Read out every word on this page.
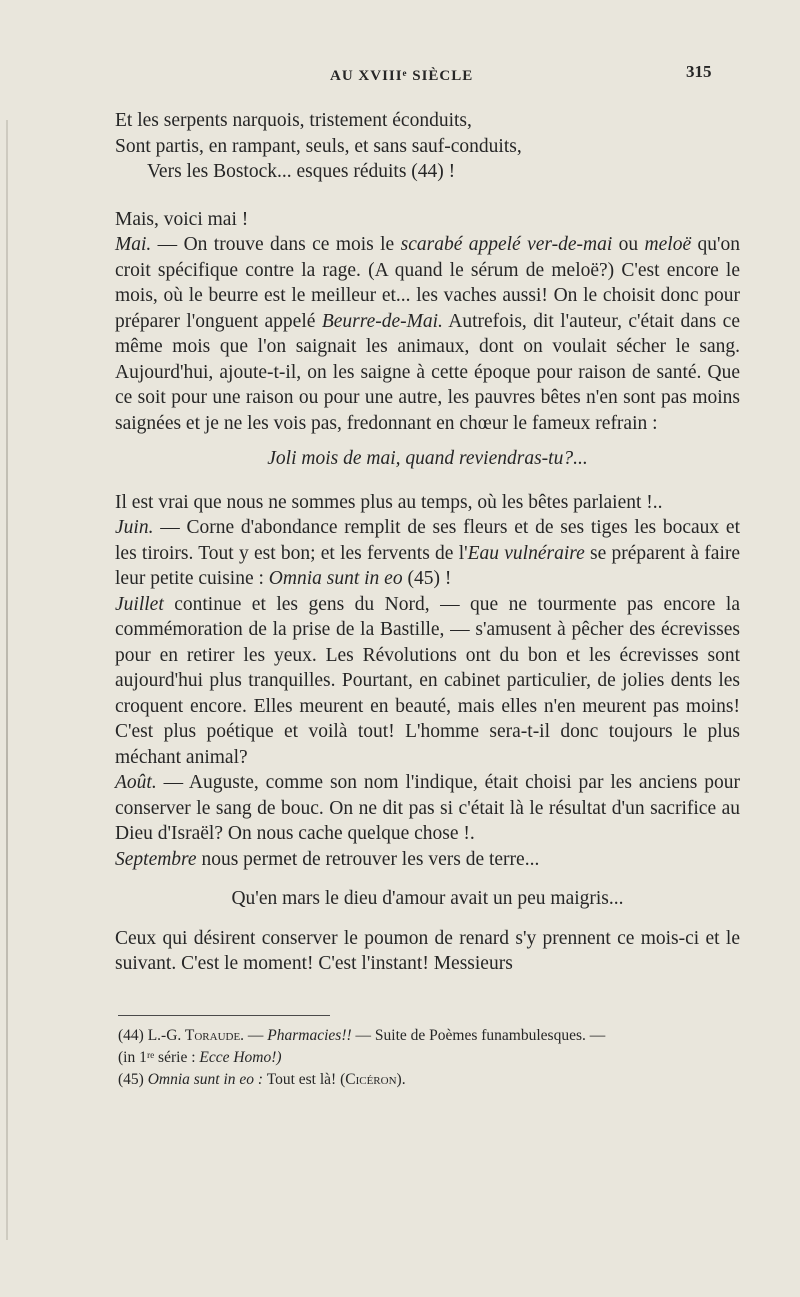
AU XVIIIᵉ SIÈCLE	315
Et les serpents narquois, tristement éconduits,
Sont partis, en rampant, seuls, et sans sauf-conduits,
Vers les Bostock... esques réduits (44) !

Mais, voici mai !

Mai. — On trouve dans ce mois le scarabé appelé ver-de-mai ou meloë qu'on croit spécifique contre la rage. (A quand le sérum de meloë?) C'est encore le mois, où le beurre est le meilleur et... les vaches aussi! On le choisit donc pour préparer l'onguent appelé Beurre-de-Mai. Autrefois, dit l'auteur, c'était dans ce même mois que l'on saignait les animaux, dont on voulait sécher le sang. Aujourd'hui, ajoute-t-il, on les saigne à cette époque pour raison de santé. Que ce soit pour une raison ou pour une autre, les pauvres bêtes n'en sont pas moins saignées et je ne les vois pas, fredonnant en chœur le fameux refrain :

Joli mois de mai, quand reviendras-tu?...

Il est vrai que nous ne sommes plus au temps, où les bêtes parlaient !..

Juin. — Corne d'abondance remplit de ses fleurs et de ses tiges les bocaux et les tiroirs. Tout y est bon; et les fervents de l'Eau vulnéraire se préparent à faire leur petite cuisine : Omnia sunt in eo (45) !

Juillet continue et les gens du Nord, — que ne tourmente pas encore la commémoration de la prise de la Bastille, — s'amusent à pêcher des écrevisses pour en retirer les yeux. Les Révolutions ont du bon et les écrevisses sont aujourd'hui plus tranquilles. Pourtant, en cabinet particulier, de jolies dents les croquent encore. Elles meurent en beauté, mais elles n'en meurent pas moins! C'est plus poétique et voilà tout! L'homme sera-t-il donc toujours le plus méchant animal?

Août. — Auguste, comme son nom l'indique, était choisi par les anciens pour conserver le sang de bouc. On ne dit pas si c'était là le résultat d'un sacrifice au Dieu d'Israël? On nous cache quelque chose !.

Septembre nous permet de retrouver les vers de terre...

Qu'en mars le dieu d'amour avait un peu maigris...

Ceux qui désirent conserver le poumon de renard s'y prennent ce mois-ci et le suivant. C'est le moment! C'est l'instant! Messieurs

(44) L.-G. Toraude. — Pharmacies!! — Suite de Poèmes funambulesques. —

(in 1ʳᵉ série : Ecce Homo!)

(45) Omnia sunt in eo : Tout est là! (Cicéron).
